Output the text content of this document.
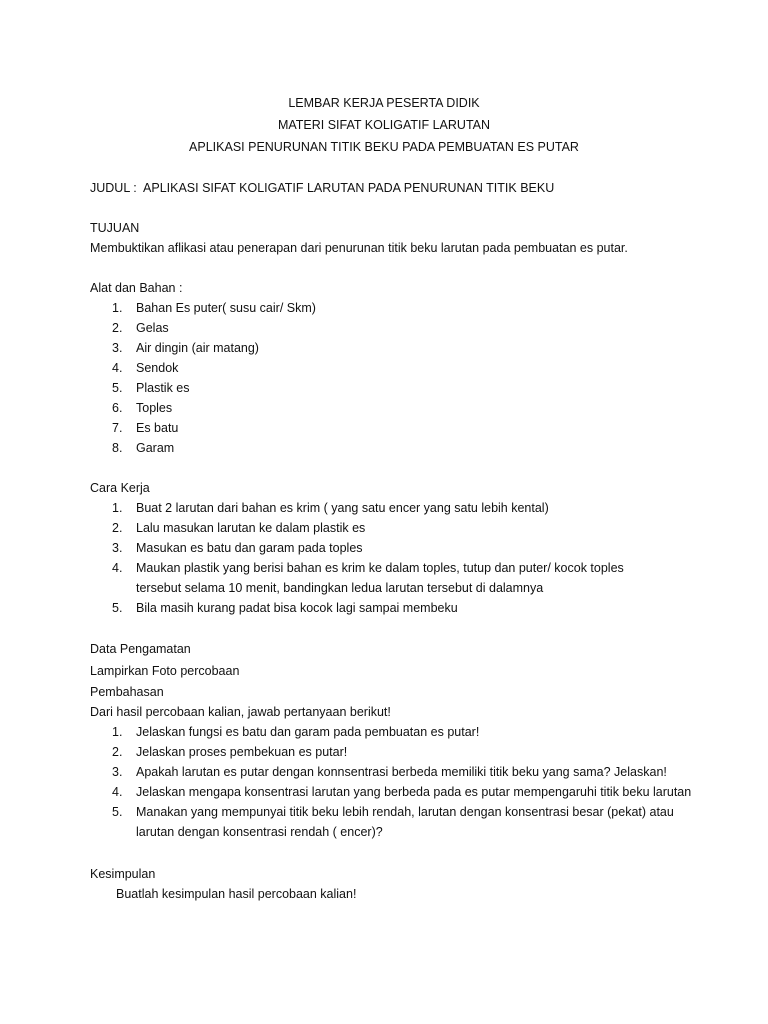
LEMBAR KERJA PESERTA DIDIK
MATERI SIFAT KOLIGATIF LARUTAN
APLIKASI PENURUNAN TITIK BEKU PADA PEMBUATAN ES PUTAR
JUDUL :  APLIKASI SIFAT KOLIGATIF LARUTAN PADA PENURUNAN TITIK BEKU
TUJUAN
Membuktikan aflikasi atau penerapan dari penurunan titik beku larutan pada pembuatan es putar.
Alat dan Bahan :
1. Bahan Es puter( susu cair/ Skm)
2. Gelas
3. Air dingin (air matang)
4. Sendok
5. Plastik es
6. Toples
7. Es batu
8. Garam
Cara Kerja
1. Buat 2 larutan dari bahan es krim ( yang satu encer yang satu lebih kental)
2. Lalu masukan larutan ke dalam plastik es
3. Masukan es batu dan garam pada toples
4. Maukan plastik yang berisi bahan es krim ke dalam toples, tutup dan puter/ kocok toples tersebut selama 10 menit, bandingkan ledua larutan tersebut di dalamnya
5. Bila masih kurang padat bisa kocok lagi sampai membeku
Data Pengamatan
Lampirkan Foto percobaan
Pembahasan
Dari hasil percobaan kalian, jawab pertanyaan berikut!
1. Jelaskan fungsi es batu dan garam pada pembuatan es putar!
2. Jelaskan proses pembekuan es putar!
3. Apakah larutan es putar dengan konnsentrasi berbeda memiliki titik beku yang sama? Jelaskan!
4. Jelaskan mengapa konsentrasi larutan yang berbeda pada es putar mempengaruhi titik beku larutan
5. Manakan yang mempunyai titik beku lebih rendah, larutan dengan konsentrasi besar (pekat) atau larutan dengan konsentrasi rendah ( encer)?
Kesimpulan
Buatlah kesimpulan hasil percobaan kalian!
